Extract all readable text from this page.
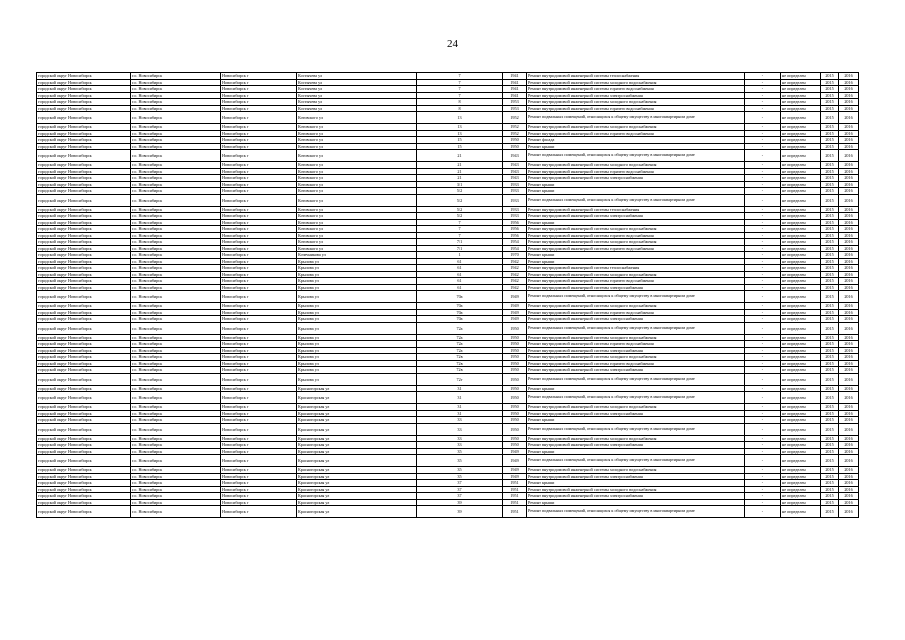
24
городской округ Новосибирск	г.о. Новосибирск	Новосибирск г	Костычева ул	7	1941	Ремонт внутридомовой инженерной системы теплоснабжения	-	не определен	2015	2016
городской округ Новосибирск	г.о. Новосибирск	Новосибирск г	Костычева ул	7	1941	Ремонт внутридомовой инженерной системы холодного водоснабжения	-	не определен	2015	2016
городской округ Новосибирск	г.о. Новосибирск	Новосибирск г	Костычева ул	7	1941	Ремонт внутридомовой инженерной системы горячего водоснабжения	-	не определен	2015	2016
городской округ Новосибирск	г.о. Новосибирск	Новосибирск г	Костычева ул	7	1941	Ремонт внутридомовой инженерной системы электроснабжения	-	не определен	2015	2016
городской округ Новосибирск	г.о. Новосибирск	Новосибирск г	Костычева ул	8	1953	Ремонт внутридомовой инженерной системы холодного водоснабжения	-	не определен	2015	2016
городской округ Новосибирск	г.о. Новосибирск	Новосибирск г	Костычева ул	8	1953	Ремонт внутридомовой инженерной системы горячего водоснабжения	-	не определен	2015	2016
городской округ Новосибирск	г.о. Новосибирск	Новосибирск г	Котовского ул	13	1952	Ремонт подвальных помещений, относящихся к общему имуществу в многоквартирном доме	-	не определен	2015	2016
городской округ Новосибирск	г.о. Новосибирск	Новосибирск г	Котовского ул	13	1952	Ремонт внутридомовой инженерной системы холодного водоснабжения	-	не определен	2015	2016
городской округ Новосибирск	г.о. Новосибирск	Новосибирск г	Котовского ул	13	1952	Ремонт внутридомовой инженерной системы горячего водоснабжения	-	не определен	2015	2016
городской округ Новосибирск	г.о. Новосибирск	Новосибирск г	Котовского ул	15	1950	Ремонт фасада	-	не определен	2015	2016
городской округ Новосибирск	г.о. Новосибирск	Новосибирск г	Котовского ул	15	1950	Ремонт крыши	-	не определен	2015	2016
городской округ Новосибирск	г.о. Новосибирск	Новосибирск г	Котовского ул	21	1943	Ремонт подвальных помещений, относящихся к общему имуществу в многоквартирном доме	-	не определен	2015	2016
городской округ Новосибирск	г.о. Новосибирск	Новосибирск г	Котовского ул	21	1943	Ремонт внутридомовой инженерной системы холодного водоснабжения	-	не определен	2015	2016
городской округ Новосибирск	г.о. Новосибирск	Новосибирск г	Котовского ул	21	1943	Ремонт внутридомовой инженерной системы горячего водоснабжения	-	не определен	2015	2016
городской округ Новосибирск	г.о. Новосибирск	Новосибирск г	Котовского ул	21	1943	Ремонт внутридомовой инженерной системы электроснабжения	-	не определен	2015	2016
городской округ Новосибирск	г.о. Новосибирск	Новосибирск г	Котовского ул	3/1	1933	Ремонт крыши	-	не определен	2015	2016
городской округ Новосибирск	г.о. Новосибирск	Новосибирск г	Котовского ул	5/2	1933	Ремонт крыши	-	не определен	2015	2016
городской округ Новосибирск	г.о. Новосибирск	Новосибирск г	Котовского ул	5/2	1933	Ремонт подвальных помещений, относящихся к общему имуществу в многоквартирном доме	-	не определен	2015	2016
городской округ Новосибирск	г.о. Новосибирск	Новосибирск г	Котовского ул	5/2	1933	Ремонт внутридомовой инженерной системы теплоснабжения	-	не определен	2015	2016
городской округ Новосибирск	г.о. Новосибирск	Новосибирск г	Котовского ул	5/2	1933	Ремонт внутридомовой инженерной системы электроснабжения	-	не определен	2015	2016
городской округ Новосибирск	г.о. Новосибирск	Новосибирск г	Котовского ул	7	1956	Ремонт крыши	-	не определен	2015	2016
городской округ Новосибирск	г.о. Новосибирск	Новосибирск г	Котовского ул	7	1956	Ремонт внутридомовой инженерной системы холодного водоснабжения	-	не определен	2015	2016
городской округ Новосибирск	г.о. Новосибирск	Новосибирск г	Котовского ул	7	1956	Ремонт внутридомовой инженерной системы горячего водоснабжения	-	не определен	2015	2016
городской округ Новосибирск	г.о. Новосибирск	Новосибирск г	Котовского ул	7/1	1954	Ремонт внутридомовой инженерной системы холодного водоснабжения	-	не определен	2015	2016
городской округ Новосибирск	г.о. Новосибирск	Новосибирск г	Котовского ул	7/1	1954	Ремонт внутридомовой инженерной системы горячего водоснабжения	-	не определен	2015	2016
городской округ Новосибирск	г.о. Новосибирск	Новосибирск г	Кочечникова ул	1	1970	Ремонт крыши	-	не определен	2015	2016
городской округ Новосибирск	г.о. Новосибирск	Новосибирск г	Крылова ул	61	1942	Ремонт крыши	-	не определен	2015	2016
городской округ Новосибирск	г.о. Новосибирск	Новосибирск г	Крылова ул	61	1942	Ремонт внутридомовой инженерной системы теплоснабжения	-	не определен	2015	2016
городской округ Новосибирск	г.о. Новосибирск	Новосибирск г	Крылова ул	61	1942	Ремонт внутридомовой инженерной системы холодного водоснабжения	-	не определен	2015	2016
городской округ Новосибирск	г.о. Новосибирск	Новосибирск г	Крылова ул	61	1942	Ремонт внутридомовой инженерной системы горячего водоснабжения	-	не определен	2015	2016
городской округ Новосибирск	г.о. Новосибирск	Новосибирск г	Крылова ул	61	1942	Ремонт внутридомовой инженерной системы электроснабжения	-	не определен	2015	2016
городской округ Новосибирск	г.о. Новосибирск	Новосибирск г	Крылова ул	70а	1949	Ремонт подвальных помещений, относящихся к общему имуществу в многоквартирном доме	-	не определен	2015	2016
городской округ Новосибирск	г.о. Новосибирск	Новосибирск г	Крылова ул	70а	1949	Ремонт внутридомовой инженерной системы холодного водоснабжения	-	не определен	2015	2016
городской округ Новосибирск	г.о. Новосибирск	Новосибирск г	Крылова ул	70а	1949	Ремонт внутридомовой инженерной системы горячего водоснабжения	-	не определен	2015	2016
городской округ Новосибирск	г.о. Новосибирск	Новосибирск г	Крылова ул	70а	1949	Ремонт внутридомовой инженерной системы электроснабжения	-	не определен	2015	2016
городской округ Новосибирск	г.о. Новосибирск	Новосибирск г	Крылова ул	72а	1950	Ремонт подвальных помещений, относящихся к общему имуществу в многоквартирном доме	-	не определен	2015	2016
городской округ Новосибирск	г.о. Новосибирск	Новосибирск г	Крылова ул	72а	1950	Ремонт внутридомовой инженерной системы холодного водоснабжения	-	не определен	2015	2016
городской округ Новосибирск	г.о. Новосибирск	Новосибирск г	Крылова ул	72а	1950	Ремонт внутридомовой инженерной системы горячего водоснабжения	-	не определен	2015	2016
городской округ Новосибирск	г.о. Новосибирск	Новосибирск г	Крылова ул	72а	1950	Ремонт внутридомовой инженерной системы электроснабжения	-	не определен	2015	2016
городской округ Новосибирск	г.о. Новосибирск	Новосибирск г	Крылова ул	72в	1950	Ремонт внутридомовой инженерной системы холодного водоснабжения	-	не определен	2015	2016
городской округ Новосибирск	г.о. Новосибирск	Новосибирск г	Крылова ул	72в	1950	Ремонт внутридомовой инженерной системы горячего водоснабжения	-	не определен	2015	2016
городской округ Новосибирск	г.о. Новосибирск	Новосибирск г	Крылова ул	72в	1950	Ремонт внутридомовой инженерной системы электроснабжения	-	не определен	2015	2016
городской округ Новосибирск	г.о. Новосибирск	Новосибирск г	Крылова ул	72г	1950	Ремонт подвальных помещений, относящихся к общему имуществу в многоквартирном доме	-	не определен	2015	2016
городской округ Новосибирск	г.о. Новосибирск	Новосибирск г	Красногорская ул	31	1950	Ремонт крыши	-	не определен	2015	2016
городской округ Новосибирск	г.о. Новосибирск	Новосибирск г	Красногорская ул	31	1950	Ремонт подвальных помещений, относящихся к общему имуществу в многоквартирном доме	-	не определен	2015	2016
городской округ Новосибирск	г.о. Новосибирск	Новосибирск г	Красногорская ул	31	1950	Ремонт внутридомовой инженерной системы холодного водоснабжения	-	не определен	2015	2016
городской округ Новосибирск	г.о. Новосибирск	Новосибирск г	Красногорская ул	31	1950	Ремонт внутридомовой инженерной системы электроснабжения	-	не определен	2015	2016
городской округ Новосибирск	г.о. Новосибирск	Новосибирск г	Красногорская ул	33	1950	Ремонт крыши	-	не определен	2015	2016
городской округ Новосибирск	г.о. Новосибирск	Новосибирск г	Красногорская ул	33	1950	Ремонт подвальных помещений, относящихся к общему имуществу в многоквартирном доме	-	не определен	2015	2016
городской округ Новосибирск	г.о. Новосибирск	Новосибирск г	Красногорская ул	33	1950	Ремонт внутридомовой инженерной системы холодного водоснабжения	-	не определен	2015	2016
городской округ Новосибирск	г.о. Новосибирск	Новосибирск г	Красногорская ул	33	1950	Ремонт внутридомовой инженерной системы электроснабжения	-	не определен	2015	2016
городской округ Новосибирск	г.о. Новосибирск	Новосибирск г	Красногорская ул	35	1949	Ремонт крыши	-	не определен	2015	2016
городской округ Новосибирск	г.о. Новосибирск	Новосибирск г	Красногорская ул	35	1949	Ремонт подвальных помещений, относящихся к общему имуществу в многоквартирном доме	-	не определен	2015	2016
городской округ Новосибирск	г.о. Новосибирск	Новосибирск г	Красногорская ул	35	1949	Ремонт внутридомовой инженерной системы холодного водоснабжения	-	не определен	2015	2016
городской округ Новосибирск	г.о. Новосибирск	Новосибирск г	Красногорская ул	35	1949	Ремонт внутридомовой инженерной системы электроснабжения	-	не определен	2015	2016
городской округ Новосибирск	г.о. Новосибирск	Новосибирск г	Красногорская ул	37	1951	Ремонт крыши	-	не определен	2015	2016
городской округ Новосибирск	г.о. Новосибирск	Новосибирск г	Красногорская ул	37	1951	Ремонт внутридомовой инженерной системы холодного водоснабжения	-	не определен	2015	2016
городской округ Новосибирск	г.о. Новосибирск	Новосибирск г	Красногорская ул	37	1951	Ремонт внутридомовой инженерной системы электроснабжения	-	не определен	2015	2016
городской округ Новосибирск	г.о. Новосибирск	Новосибирск г	Красногорская ул	39	1951	Ремонт крыши	-	не определен	2015	2016
городской округ Новосибирск	г.о. Новосибирск	Новосибирск г	Красногорская ул	39	1951	Ремонт подвальных помещений, относящихся к общему имуществу в многоквартирном доме	-	не определен	2015	2016
